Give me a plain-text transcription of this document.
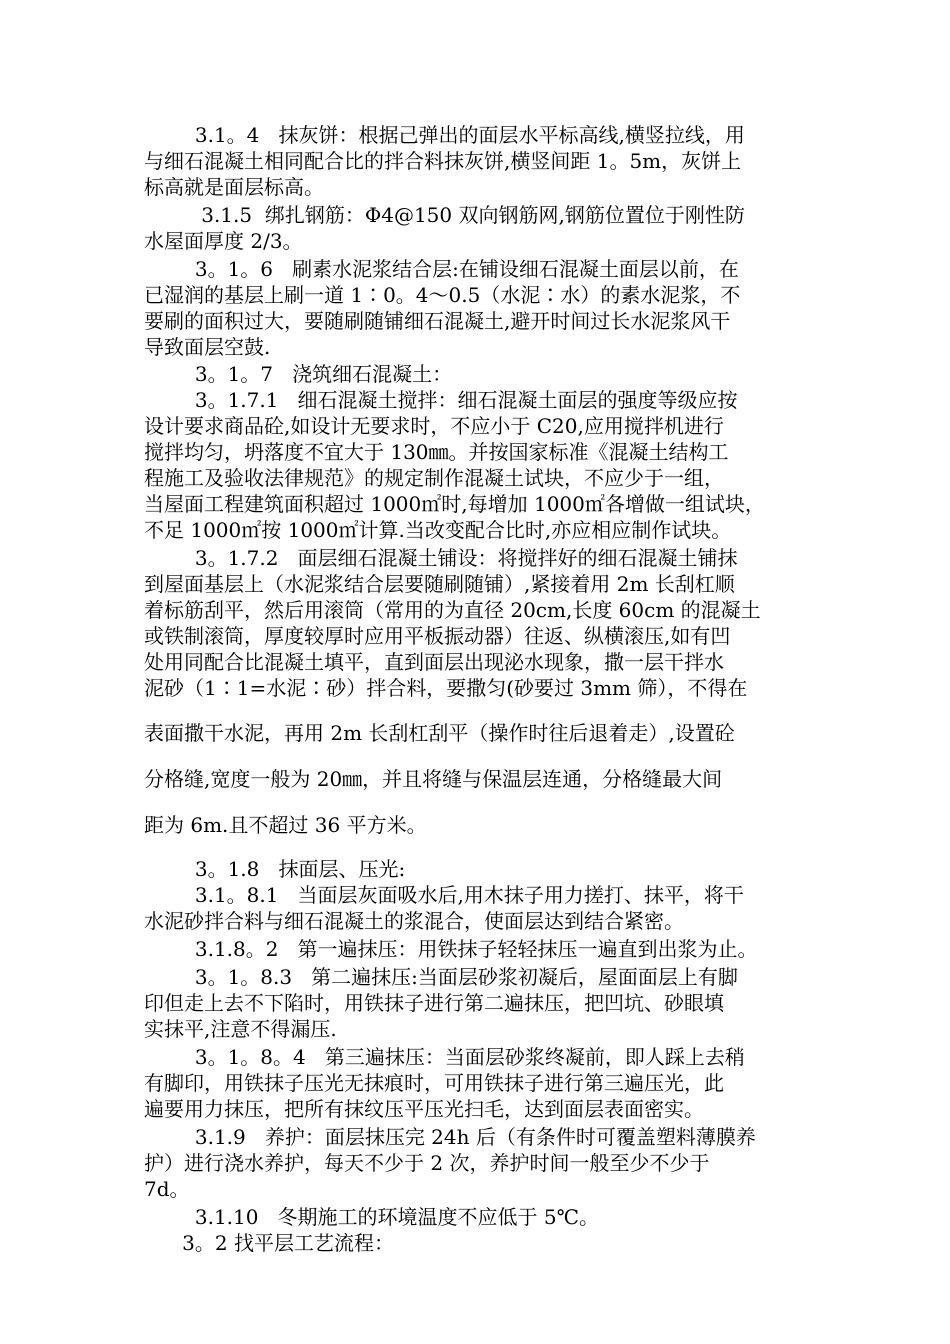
3.1。4   抹灰饼：根据己弹出的面层水平标高线,横竖拉线，用
与细石混凝土相同配合比的拌合料抹灰饼,横竖间距 1。5m，灰饼上
标高就是面层标高。
3.1.5  绑扎钢筋：Φ4@150 双向钢筋网,钢筋位置位于刚性防
水屋面厚度 2/3。
3。1。6   刷素水泥浆结合层:在铺设细石混凝土面层以前，在
已湿润的基层上刷一道 1∶0。4～0.5（水泥∶水）的素水泥浆，不
要刷的面积过大，要随刷随铺细石混凝土,避开时间过长水泥浆风干
导致面层空鼓.
3。1。7   浇筑细石混凝土：
3。1.7.1   细石混凝土搅拌：细石混凝土面层的强度等级应按
设计要求商品砼,如设计无要求时，不应小于 C20,应用搅拌机进行
搅拌均匀，坍落度不宜大于 130㎜。并按国家标准《混凝土结构工
程施工及验收法律规范》的规定制作混凝土试块，不应少于一组，
当屋面工程建筑面积超过 1000㎡时,每增加 1000㎡各增做一组试块，
不足 1000㎡按 1000㎡计算.当改变配合比时,亦应相应制作试块。
3。1.7.2   面层细石混凝土铺设：将搅拌好的细石混凝土铺抹
到屋面基层上（水泥浆结合层要随刷随铺）,紧接着用 2m 长刮杠顺
着标筋刮平，然后用滚筒（常用的为直径 20cm,长度 60cm 的混凝土
或铁制滚筒，厚度较厚时应用平板振动器）往返、纵横滚压,如有凹
处用同配合比混凝土填平，直到面层出现泌水现象，撒一层干拌水
泥砂（1∶1=水泥∶砂）拌合料，要撒匀(砂要过 3mm 筛），不得在
表面撒干水泥，再用 2m 长刮杠刮平（操作时往后退着走）,设置砼
分格缝,宽度一般为 20㎜，并且将缝与保温层连通，分格缝最大间
距为 6m.且不超过 36 平方米。
3。1.8   抹面层、压光:
3.1。8.1   当面层灰面吸水后,用木抹子用力搓打、抹平，将干
水泥砂拌合料与细石混凝土的浆混合，使面层达到结合紧密。
3.1.8。2   第一遍抹压：用铁抹子轻轻抹压一遍直到出浆为止。
3。1。8.3   第二遍抹压:当面层砂浆初凝后，屋面面层上有脚
印但走上去不下陷时，用铁抹子进行第二遍抹压，把凹坑、砂眼填
实抹平,注意不得漏压.
3。1。8。4   第三遍抹压：当面层砂浆终凝前，即人踩上去稍
有脚印，用铁抹子压光无抹痕时，可用铁抹子进行第三遍压光，此
遍要用力抹压，把所有抹纹压平压光扫毛，达到面层表面密实。
3.1.9   养护：面层抹压完 24h 后（有条件时可覆盖塑料薄膜养
护）进行浇水养护，每天不少于 2 次，养护时间一般至少不少于
7d。
3.1.10   冬期施工的环境温度不应低于 5℃。
3。2 找平层工艺流程：
